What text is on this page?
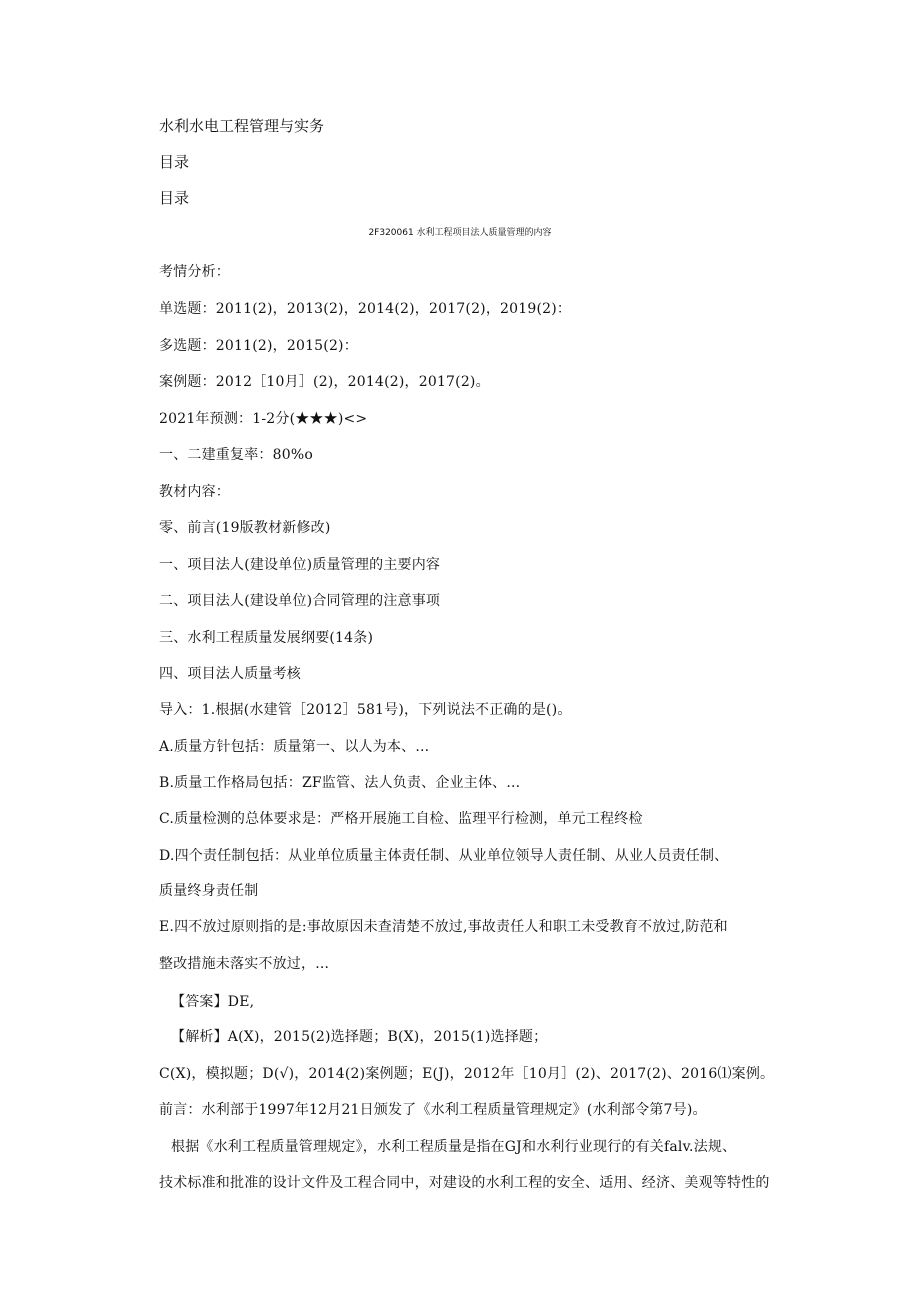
水利水电工程管理与实务
目录
目录
2F320061 水利工程项目法人质量管理的内容
考情分析：
单选题：2011(2)，2013(2)，2014(2)，2017(2)，2019(2)：
多选题：2011(2)，2015(2)：
案例题：2012［10月］(2)，2014(2)，2017(2)。
2021年预测：1-2分(★★★)<>
一、二建重复率：80%o
教材内容：
零、前言(19版教材新修改)
一、项目法人(建设单位)质量管理的主要内容
二、项目法人(建设单位)合同管理的注意事项
三、水利工程质量发展纲要(14条)
四、项目法人质量考核
导入：1.根据(水建管［2012］581号)，下列说法不正确的是()。
A.质量方针包括：质量第一、以人为本、...
B.质量工作格局包括：ZF监管、法人负责、企业主体、...
C.质量检测的总体要求是：严格开展施工自检、监理平行检测，单元工程终检
D.四个责任制包括：从业单位质量主体责任制、从业单位领导人责任制、从业人员责任制、
质量终身责任制
E.四不放过原则指的是:事故原因未查清楚不放过,事故责任人和职工未受教育不放过,防范和
整改措施未落实不放过，...
【答案】DE,
【解析】A(X)，2015(2)选择题；B(X)，2015(1)选择题；
C(X)，模拟题；D(√)，2014(2)案例题；E(J)，2012年［10月］(2)、2017(2)、2016⑴案例。
前言：水利部于1997年12月21日颁发了《水利工程质量管理规定》(水利部令第7号)。
根据《水利工程质量管理规定》，水利工程质量是指在GJ和水利行业现行的有关falv.法规、
技术标准和批准的设计文件及工程合同中，对建设的水利工程的安全、适用、经济、美观等特性的
